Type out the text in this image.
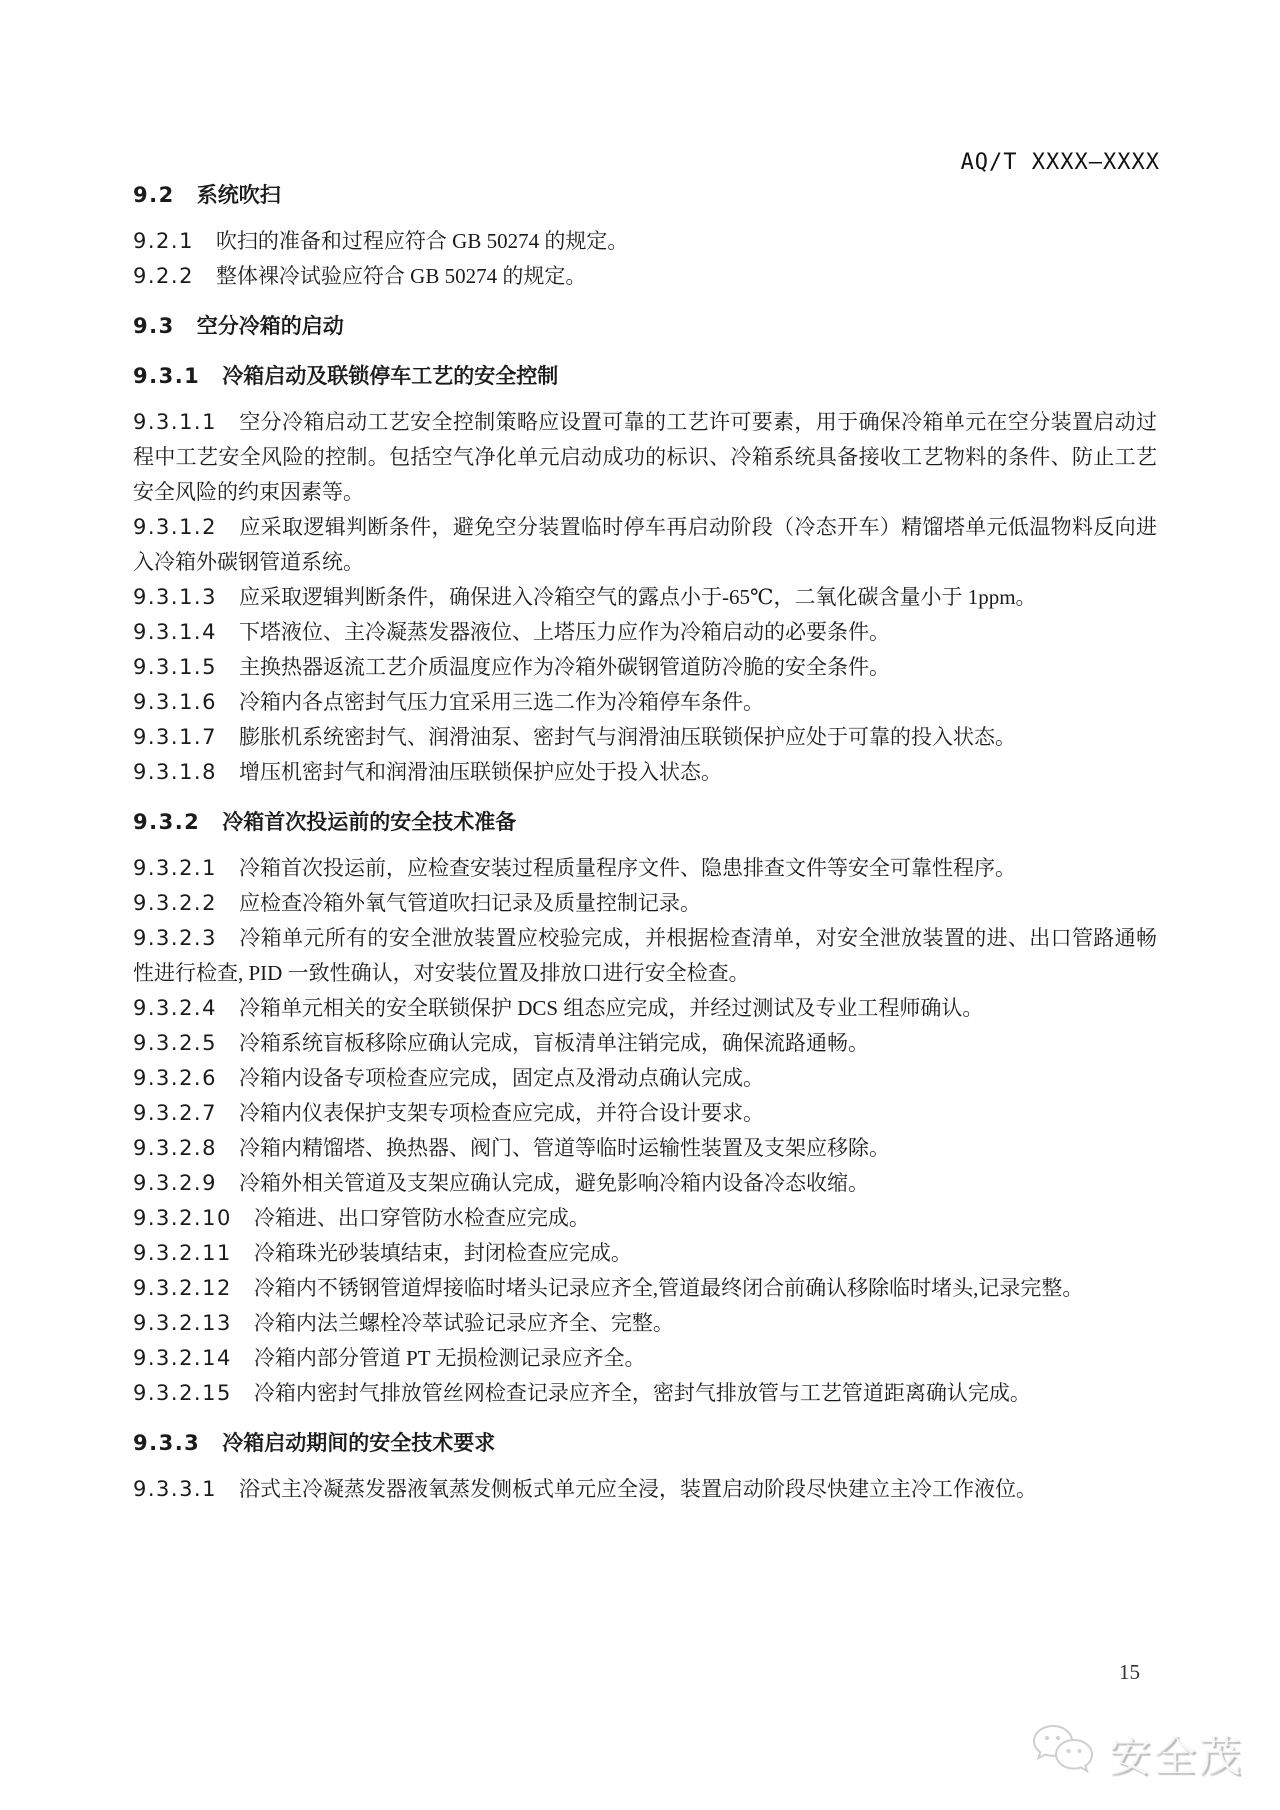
AQ/T XXXX—XXXX
9.2 系统吹扫
9.2.1 吹扫的准备和过程应符合 GB 50274 的规定。
9.2.2 整体裸冷试验应符合 GB 50274 的规定。
9.3 空分冷箱的启动
9.3.1 冷箱启动及联锁停车工艺的安全控制
9.3.1.1 空分冷箱启动工艺安全控制策略应设置可靠的工艺许可要素，用于确保冷箱单元在空分装置启动过程中工艺安全风险的控制。包括空气净化单元启动成功的标识、冷箱系统具备接收工艺物料的条件、防止工艺安全风险的约束因素等。
9.3.1.2 应采取逻辑判断条件，避免空分装置临时停车再启动阶段（冷态开车）精馏塔单元低温物料反向进入冷箱外碳钢管道系统。
9.3.1.3 应采取逻辑判断条件，确保进入冷箱空气的露点小于-65℃，二氧化碳含量小于 1ppm。
9.3.1.4 下塔液位、主冷凝蒸发器液位、上塔压力应作为冷箱启动的必要条件。
9.3.1.5 主换热器返流工艺介质温度应作为冷箱外碳钢管道防冷脆的安全条件。
9.3.1.6 冷箱内各点密封气压力宜采用三选二作为冷箱停车条件。
9.3.1.7 膨胀机系统密封气、润滑油泵、密封气与润滑油压联锁保护应处于可靠的投入状态。
9.3.1.8 增压机密封气和润滑油压联锁保护应处于投入状态。
9.3.2 冷箱首次投运前的安全技术准备
9.3.2.1 冷箱首次投运前，应检查安装过程质量程序文件、隐患排查文件等安全可靠性程序。
9.3.2.2 应检查冷箱外氧气管道吹扫记录及质量控制记录。
9.3.2.3 冷箱单元所有的安全泄放装置应校验完成，并根据检查清单，对安全泄放装置的进、出口管路通畅性进行检查, PID 一致性确认，对安装位置及排放口进行安全检查。
9.3.2.4 冷箱单元相关的安全联锁保护 DCS 组态应完成，并经过测试及专业工程师确认。
9.3.2.5 冷箱系统盲板移除应确认完成，盲板清单注销完成，确保流路通畅。
9.3.2.6 冷箱内设备专项检查应完成，固定点及滑动点确认完成。
9.3.2.7 冷箱内仪表保护支架专项检查应完成，并符合设计要求。
9.3.2.8 冷箱内精馏塔、换热器、阀门、管道等临时运输性装置及支架应移除。
9.3.2.9 冷箱外相关管道及支架应确认完成，避免影响冷箱内设备冷态收缩。
9.3.2.10 冷箱进、出口穿管防水检查应完成。
9.3.2.11 冷箱珠光砂装填结束，封闭检查应完成。
9.3.2.12 冷箱内不锈钢管道焊接临时堵头记录应齐全,管道最终闭合前确认移除临时堵头,记录完整。
9.3.2.13 冷箱内法兰螺栓冷萃试验记录应齐全、完整。
9.3.2.14 冷箱内部分管道 PT 无损检测记录应齐全。
9.3.2.15 冷箱内密封气排放管丝网检查记录应齐全，密封气排放管与工艺管道距离确认完成。
9.3.3 冷箱启动期间的安全技术要求
9.3.3.1 浴式主冷凝蒸发器液氧蒸发侧板式单元应全浸，装置启动阶段尽快建立主冷工作液位。
15
安全茂
